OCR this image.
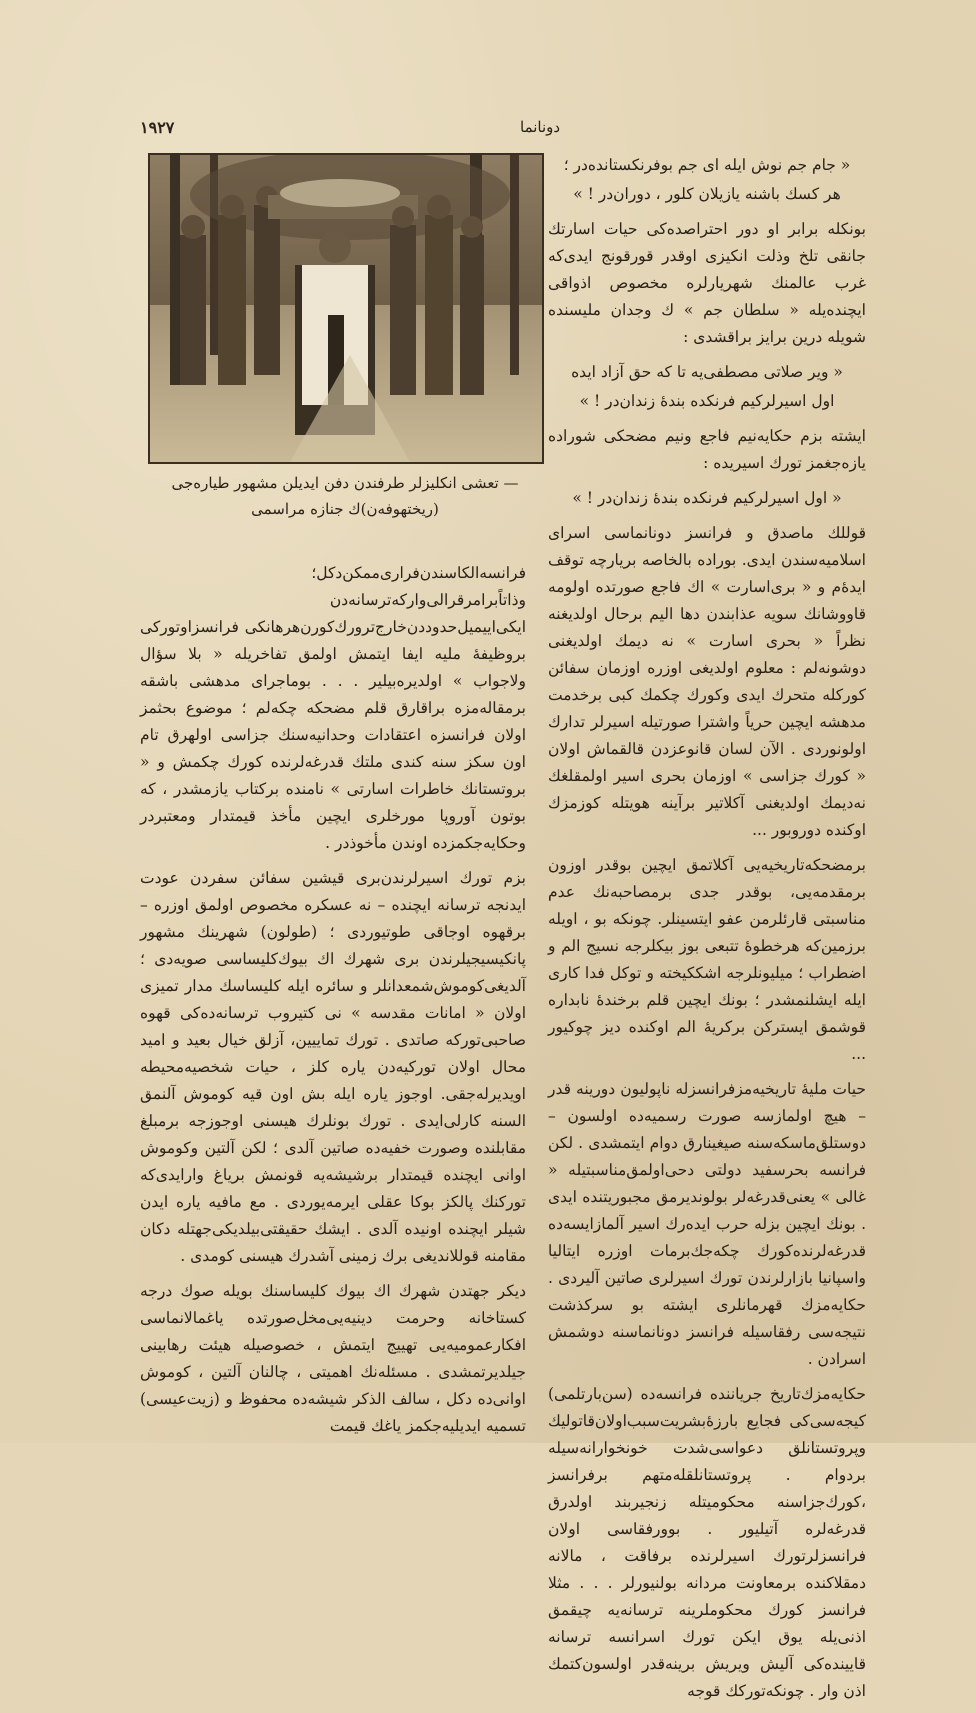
۱۹۲۷	دونانما
— تعشی انکلیزلر طرفندن دفن ایدیلن مشهور طیاره‌جی
(ریختهوفه‌ن)ك جنازه مراسمی

« جام جم نوش ایله ای جم بوفرنکستانده‌در ؛

هر کسك باشنه یازیلان کلور ، دوران‌در ! »

بونکله برابر او دور احتراصده‌کی حیات اسارتك جانقی تلخ وذلت انکیزی اوقدر قورقونج ایدی‌که غرب عالمنك شهریارلره مخصوص اذواقی ایچنده‌یله « سلطان جم » ك وجدان ملیسنده شویله درین برایز براقشدی :

« ویر صلاتی مصطفی‌یه تا که حق آزاد ایده

اول اسیرلرکیم فرنکده بنده‌ٔ زندان‌در ! »

ایشته بزم حکایه‌نیم فاجع ونیم مضحکی شوراده یازه‌جغمز تورك اسیریده :

« اول اسیرلرکیم فرنکده بنده‌ٔ زندان‌در ! »

قوللك ماصدق و فرانسز دونانماسی اسرای اسلامیه‌سندن ایدی. بوراده بالخاصه بریارچه توقف ایده‌ٔم و « بری‌اسارت » اك فاجع صورتده اولومه قاووشانك سویه عذابندن دها الیم برحال اولدیغنه نظراً « بحری اسارت » نه دیمك اولدیغنی دوشونه‌لم : معلوم اولدیغی اوزره اوزمان سفائن کوركله متحرك ایدی وکورك چکمك کبی برخدمت مدهشه ایچین حریاً واشترا صورتیله اسیرلر تدارك اولونوردی . الآن لسان قانوعزدن قالقماش اولان « کورك جزاسی » اوزمان بحری اسیر اولمقلغك نه‌دیمك اولدیغنی آکلاتیر برآینه هویتله کوزمزك اوکنده دوروبور ...

برمضحکه‌تاریخیه‌یی آکلاتمق ایچین بوقدر اوزون برمقدمه‌یی، بوقدر جدی برمصاحبه‌نك عدم مناسبتی قارئلرمن عفو ایتسینلر. چونکه بو ، اویله برزمین‌که هرخطوه‌ٔ تتبعی بوز بیکلرجه نسیج الم و اضطراب ؛ میلیونلرجه اشککیخته و توکل فدا کاری ایله ایشلنمشدر ؛ بونك ایچین قلم برخندهٔ نابداره قوشمق ایسترکن برکریهٔ الم اوکنده دیز چوکیور ...

حیات ملیهٔ تاریخیه‌مزفرانسزله ناپولیون دورینه قدر – هیچ اولمازسه صورت رسمیه‌ده اولسون – دوستلق‌ماسکه‌سنه صیغینارق دوام ایتمشدی . لکن فرانسه بحرسفید دولتی دحی‌اولمق‌مناسبتیله « غالی » یعنی‌قدرغه‌لر بولوندیرمق مجبوریتنده ایدی . بونك ایچین بزله حرب ایده‌رك اسیر آلمازایسه‌ده قدرغه‌لرنده‌کورك چکه‌جك‌برمات اوزره ایتالیا واسپانیا بازارلرندن تورك اسیرلری صاتین آلیردی . حکایه‌مزك قهرمانلری ایشته بو سرکذشت نتیجه‌سی رفقاسیله فرانسز دونانماسنه دوشمش اسرادن .

حکایه‌مزك‌تاریخ جریاننده فرانسه‌ده (سن‌بارتلمی) کیجه‌سی‌کی فجایع بارزۀبشریت‌سبب‌اولان‌قاتولیك وپروتستانلق دعواسی‌شدت خونخوارانه‌سیله بردوام . پروتستانلقله‌متهم برفرانسز ،کورك‌جزاسنه محکومیتله زنجیربند اولدرق قدرغه‌لره آتیلیور . بوورفقاسی اولان فرانسزلرتورك اسیرلرنده برفاقت ، مالانه دمقلا‌کنده برمعاونت مردانه بولنیورلر . . . مثلا فرانسز کورك محکوملرینه ترسانه‌یه چیقمق اذنی‌یله یوق ایکن تورك اسرانسه ترسانه قایینده‌کی آلیش ویریش برینه‌قدر اولسون‌کتمك اذن وار . چونکه‌تورکك قوجه

فرانسه‌الکاسندن‌فراری‌ممکن‌دکل؛ وذاتاً‌برامرقرالی‌وارکه‌ترسانه‌دن ایکی‌اییمیل‌حدوددن‌خارج‌ترورك‌کورن‌هرهانکی فرانسزاوتورکی بروظیفهٔ ملیه ایفا ایتمش اولمق تفاخریله « بلا سؤال ولاجواب » اولدیره‌بیلیر . . . بوماجرای مدهشی باشقه برمقاله‌مزه براقارق قلم مضحکه چکه‌لم ؛ موضوع بحثمز اولان فرانسزه اعتقادات وحدانیه‌سنك جزاسی اولهرق تام اون‌ سکز سنه کندی ملتك قدرغه‌لرنده کورك چکمش و « بروتستانك خاطرات اسارتی » نامنده برکتاب یازمشدر ، که بوتون آوروپا مورخلری ایچین مأخذ قیمتدار ومعتبردر وحکایه‌جکمزده اوندن مأخوذدر .

بزم تورك اسیرلرندن‌بری قیشین سفائن سفردن عودت ایدنجه ترسانه ایچنده – نه عسکره مخصوص اولمق اوزره – برقهوه اوجاقی طوتیوردی ؛ (طولون) شهرینك مشهور پانکیسیجیلرندن بری شهرك اك بیوك‌کلیساسی صویه‌دی ؛ آلدیغی‌کوموش‌شمعدانلر و سائره‌ ایله کلیساسك مدار تمیزی اولان « امانات مقدسه » نی کتیروب ترسانه‌ده‌کی قهوه صاحبی‌تورکه صاتدی . تورك تماییین، آزلق خیال بعید و امید محال اولان تورکیه‌دن یاره کلز ، حیات شخصیه‌محیطه اویدیرله‌جقی. اوجوز یاره ایله بش‌ اون قیه کوموش آلنمق السنه کارلی‌ایدی . تورك بونلرك هیسنی اوجوزجه برمبلغ مقابلنده وصورت خفیه‌ده صاتین آلدی ؛ لکن آلتین وکوموش اوانی ایچنده قیمتدار برشیشه‌یه قونمش بریاغ وارایدی‌که تورکنك پالکز بوکا عقلی ایرمه‌یوردی . مع مافیه یاره ایدن شیلر ایچنده اونیده آلدی . ایشك حقیقتی‌بیلدیکی‌جهتله دکان مقامنه قوللاندیغی برك زمینی آشدرك هیسنی کومدی .

دیکر جهتدن شهرك اك بیوك کلیساسنك بویله صوك درجه کستاخانه وحرمت دینیه‌یی‌مخل‌صورتده یاغمالانماسی افکارعمومیه‌یی تهییج ایتمش ، خصوصیله هیئت رهابینی جیلدیرتمشدی . مسئله‌نك اهمیتی ، چالنان آلتین ، کوموش اوانی‌ده دکل ، سالف الذکر شیشه‌ده محفوظ و (زیت‌عیسی) تسمیه ایدیلیه‌جکمز یاغك قیمت
